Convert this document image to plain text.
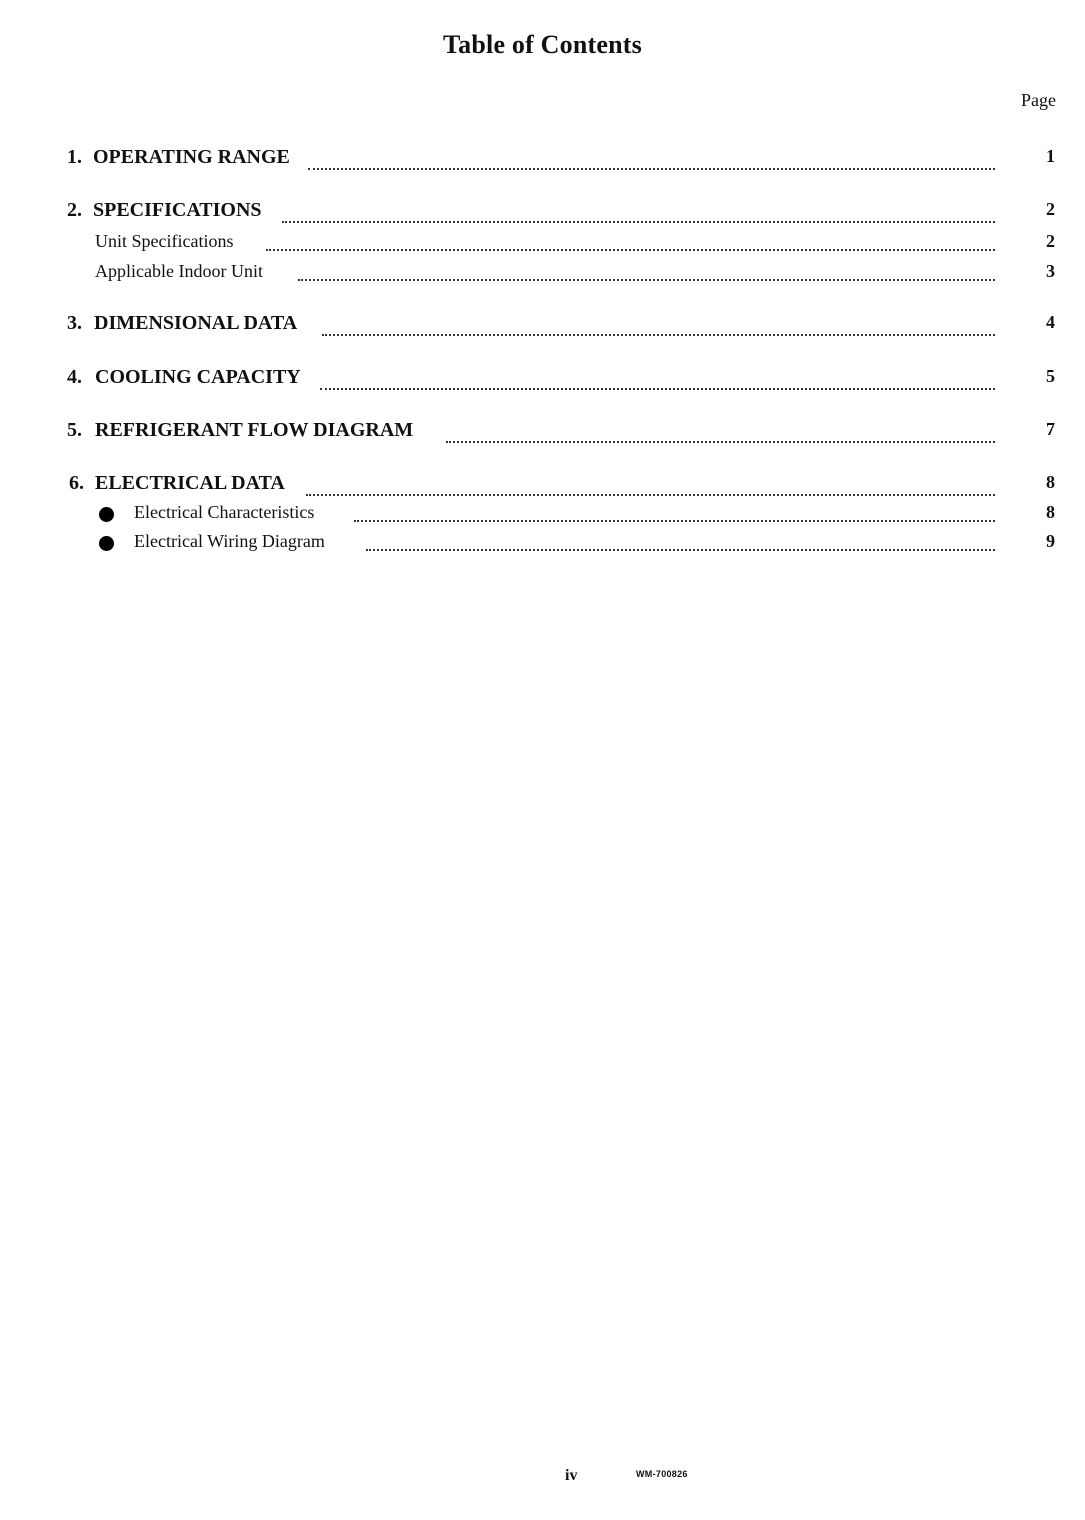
Table of Contents
Page
1. OPERATING RANGE	1
2. SPECIFICATIONS	2
Unit Specifications	2
Applicable Indoor Unit	3
3. DIMENSIONAL DATA	4
4. COOLING CAPACITY	5
5. REFRIGERANT FLOW DIAGRAM	7
6. ELECTRICAL DATA	8
Electrical Characteristics	8
Electrical Wiring Diagram	9
iv	WM-700826
